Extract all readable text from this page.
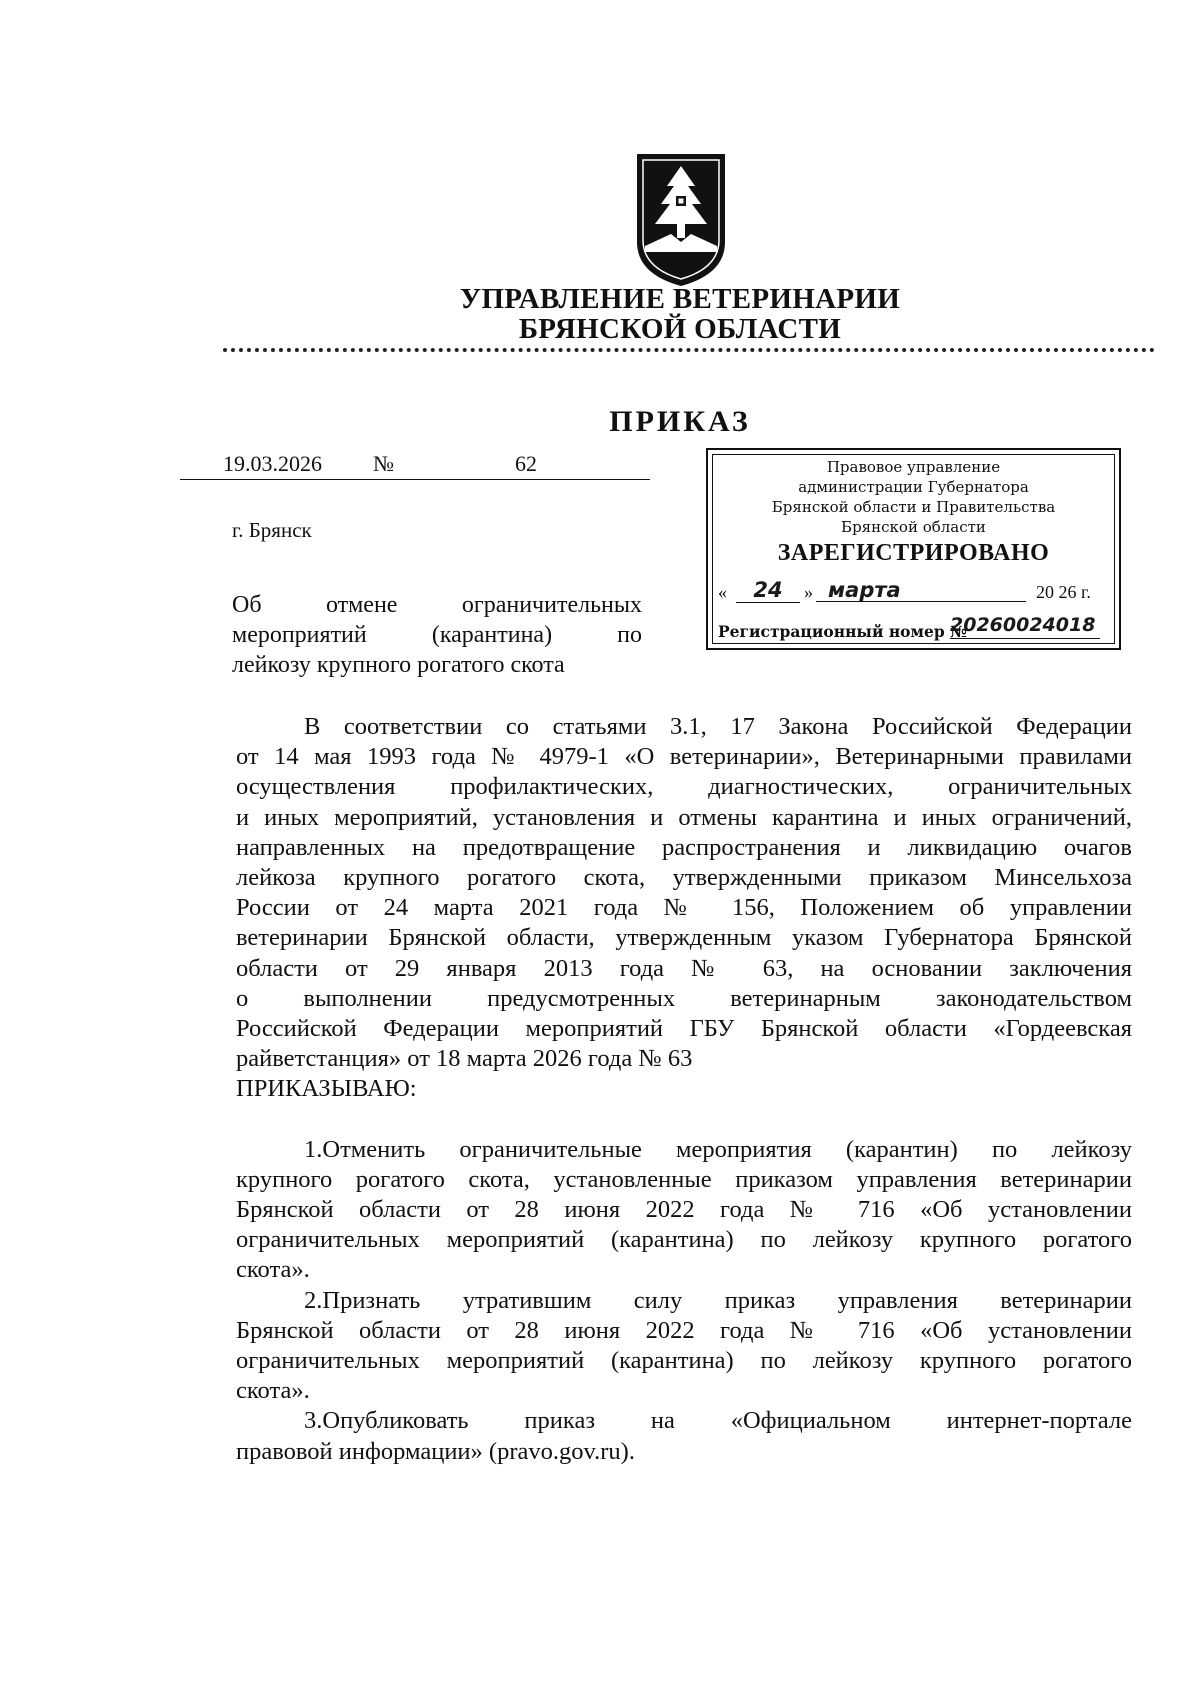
УПРАВЛЕНИЕ ВЕТЕРИНАРИИ
БРЯНСКОЙ ОБЛАСТИ
ПРИКАЗ
19.03.2026 №	62
г. Брянск
Об отмене ограничительных
мероприятий (карантина) по
лейкозу крупного рогатого скота
Правовое управление
администрации Губернатора
Брянской области и Правительства
Брянской области
ЗАРЕГИСТРИРОВАНО
«	24	» марта	20 26 г.
Регистрационный номер №
20260024018
В соответствии со статьями 3.1, 17 Закона Российской Федерации
от 14 мая 1993 года № 4979-1 «О ветеринарии», Ветеринарными правилами
осуществления профилактических, диагностических, ограничительных
и иных мероприятий, установления и отмены карантина и иных ограничений,
направленных на предотвращение распространения и ликвидацию очагов
лейкоза крупного рогатого скота, утвержденными приказом Минсельхоза
России от 24 марта 2021 года № 156, Положением об управлении
ветеринарии Брянской области, утвержденным указом Губернатора Брянской
области от 29 января 2013 года № 63, на основании заключения
о выполнении предусмотренных ветеринарным законодательством
Российской Федерации мероприятий ГБУ Брянской области «Гордеевская
райветстанция» от 18 марта 2026 года № 63
ПРИКАЗЫВАЮ:
1.Отменить ограничительные мероприятия (карантин) по лейкозу
крупного рогатого скота, установленные приказом управления ветеринарии
Брянской области от 28 июня 2022 года № 716 «Об установлении
ограничительных мероприятий (карантина) по лейкозу крупного рогатого
скота».
2.Признать утратившим силу приказ управления ветеринарии
Брянской области от 28 июня 2022 года № 716 «Об установлении
ограничительных мероприятий (карантина) по лейкозу крупного рогатого
скота».
3.Опубликовать приказ на «Официальном интернет-портале
правовой информации» (pravo.gov.ru).
